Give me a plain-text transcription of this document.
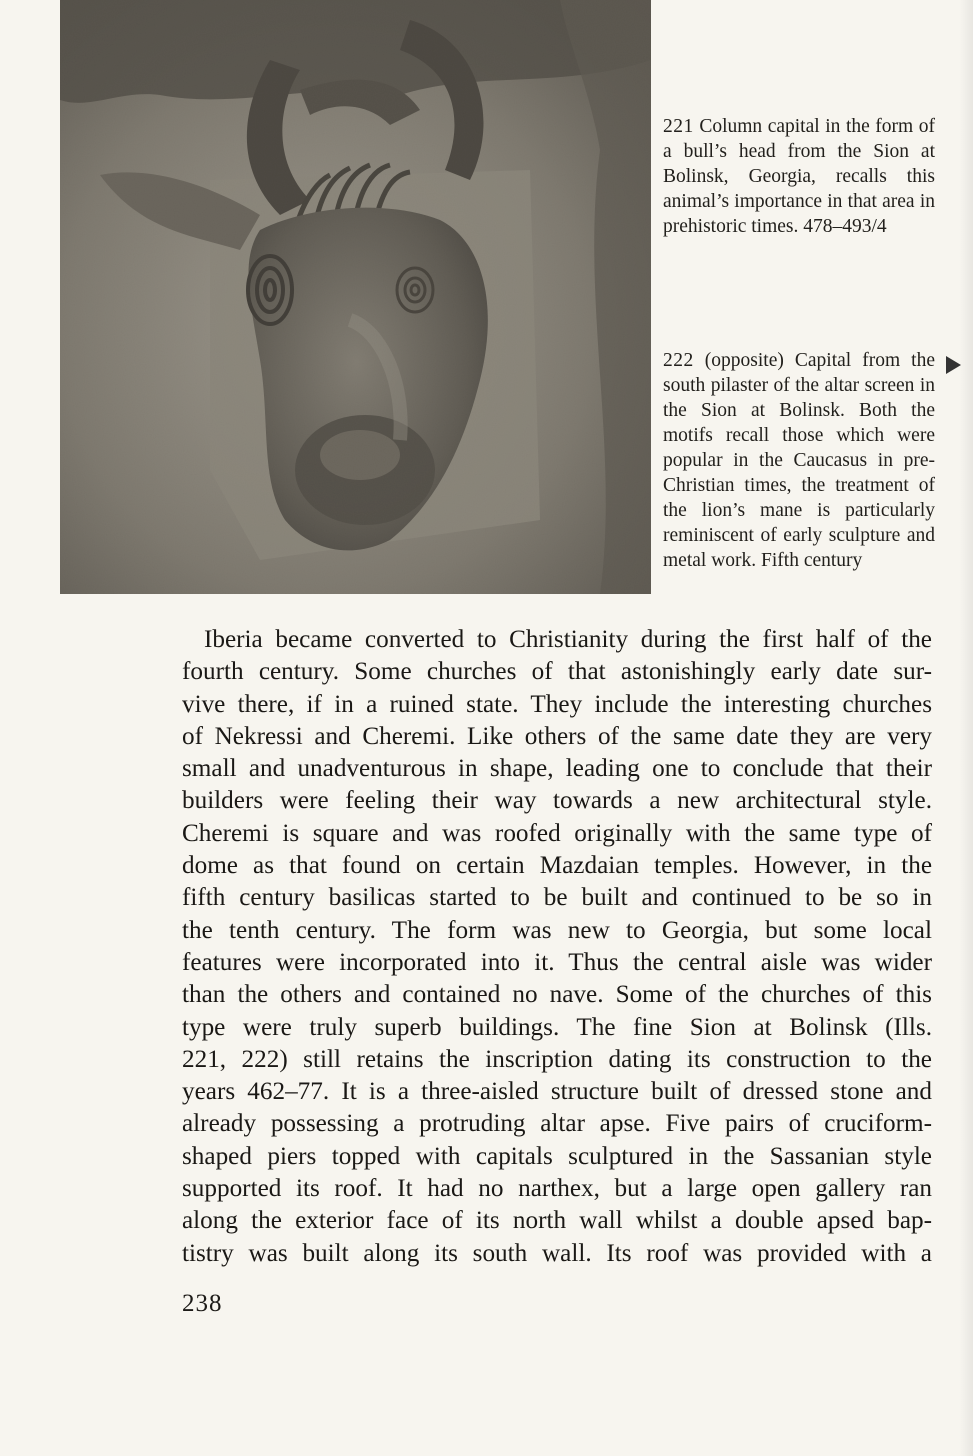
221 Column capital in the form of a bull’s head from the Sion at Bolinsk, Georgia, recalls this animal’s importance in that area in prehistoric times. 478–493/4

222 (opposite) Capital from the south pilaster of the altar screen in the Sion at Bolinsk. Both the motifs recall those which were popular in the Caucasus in pre-Christian times, the treatment of the lion’s mane is particularly reminiscent of early sculpture and metal work. Fifth century

Iberia became converted to Christianity during the first half of the
fourth century. Some churches of that astonishingly early date sur-
vive there, if in a ruined state. They include the interesting churches
of Nekressi and Cheremi. Like others of the same date they are very
small and unadventurous in shape, leading one to conclude that their
builders were feeling their way towards a new architectural style.
Cheremi is square and was roofed originally with the same type of
dome as that found on certain Mazdaian temples. However, in the
fifth century basilicas started to be built and continued to be so in
the tenth century. The form was new to Georgia, but some local
features were incorporated into it. Thus the central aisle was wider
than the others and contained no nave. Some of the churches of this
type were truly superb buildings. The fine Sion at Bolinsk (Ills.
221, 222) still retains the inscription dating its construction to the
years 462–77. It is a three-aisled structure built of dressed stone and
already possessing a protruding altar apse. Five pairs of cruciform-
shaped piers topped with capitals sculptured in the Sassanian style
supported its roof. It had no narthex, but a large open gallery ran
along the exterior face of its north wall whilst a double apsed bap-
tistry was built along its south wall. Its roof was provided with a

238
